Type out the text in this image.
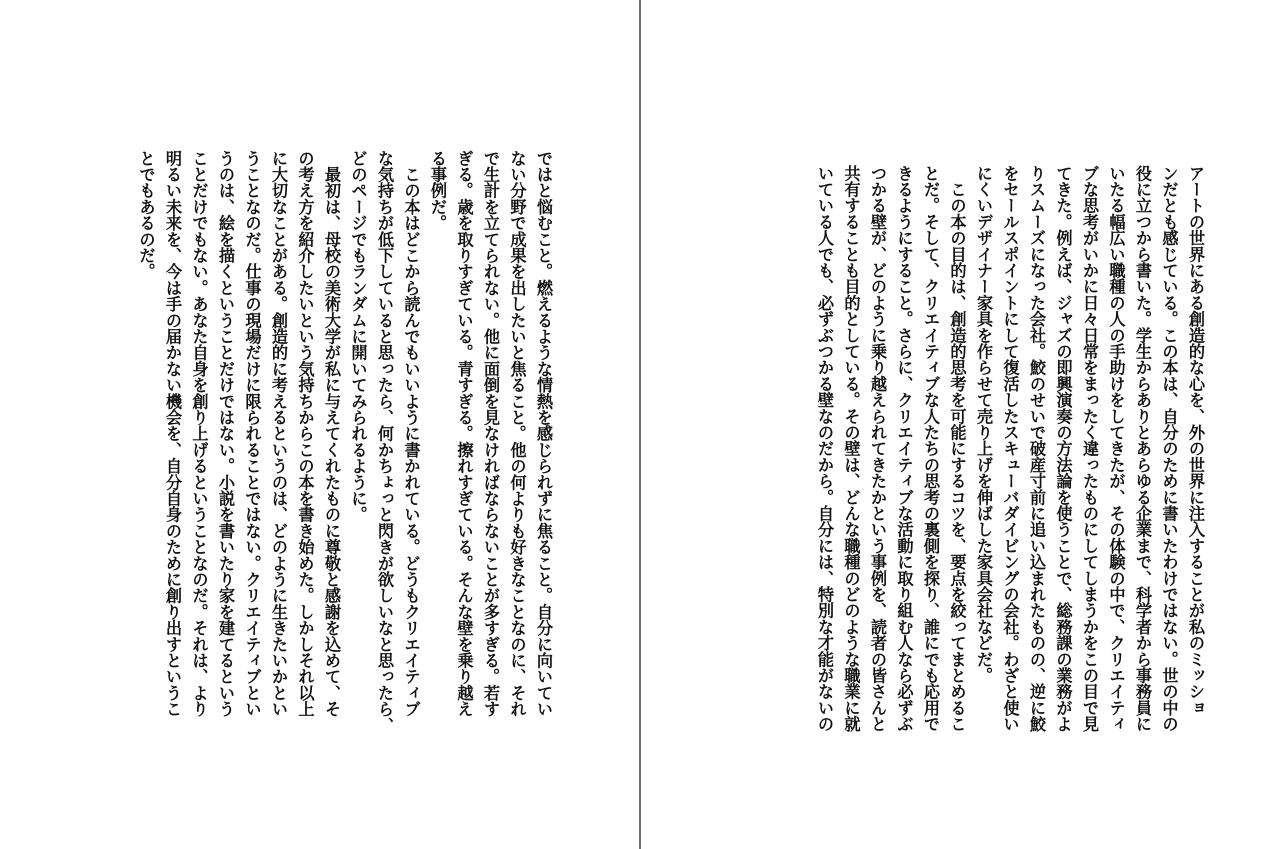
ではと悩むこと。燃えるような情熱を感じられずに焦ること。自分に向いてい

ない分野で成果を出したいと焦ること。他の何よりも好きなことなのに、それ

で生計を立てられない。他に面倒を見なければならないことが多すぎる。若す

ぎる。歳を取りすぎている。青すぎる。擦れすぎている。そんな壁を乗り越え

る事例だ。

　この本はどこから読んでもいいように書かれている。どうもクリエイティブ

な気持ちが低下していると思ったら、何かちょっと閃きが欲しいなと思ったら、

どのページでもランダムに開いてみられるように。

　最初は、母校の美術大学が私に与えてくれたものに尊敬と感謝を込めて、そ

の考え方を紹介したいという気持ちからこの本を書き始めた。しかしそれ以上

に大切なことがある。創造的に考えるというのは、どのように生きたいかとい

うことなのだ。仕事の現場だけに限られることではない。クリエイティブとい

うのは、絵を描くということだけではない。小説を書いたり家を建てるという

ことだけでもない。あなた自身を創り上げるということなのだ。それは、より

明るい未来を、今は手の届かない機会を、自分自身のために創り出すというこ

とでもあるのだ。	アートの世界にある創造的な心を、外の世界に注入することが私のミッショ

ンだとも感じている。この本は、自分のために書いたわけではない。世の中の

役に立つから書いた。学生からありとあらゆる企業まで、科学者から事務員に

いたる幅広い職種の人の手助けをしてきたが、その体験の中で、クリエイティ

ブな思考がいかに日々日常をまったく違ったものにしてしまうかをこの目で見

てきた。例えば、ジャズの即興演奏の方法論を使うことで、総務課の業務がよ

りスムーズになった会社。鮫のせいで破産寸前に追い込まれたものの、逆に鮫

をセールスポイントにして復活したスキューバダイビングの会社。わざと使い

にくいデザイナー家具を作らせて売り上げを伸ばした家具会社などだ。

　この本の目的は、創造的思考を可能にするコツを、要点を絞ってまとめるこ

とだ。そして、クリエイティブな人たちの思考の裏側を探り、誰にでも応用で

きるようにすること。さらに、クリエイティブな活動に取り組む人なら必ずぶ

つかる壁が、どのように乗り越えられてきたかという事例を、読者の皆さんと

共有することも目的としている。その壁は、どんな職種のどのような職業に就

いている人でも、必ずぶつかる壁なのだから。自分には、特別な才能がないの
